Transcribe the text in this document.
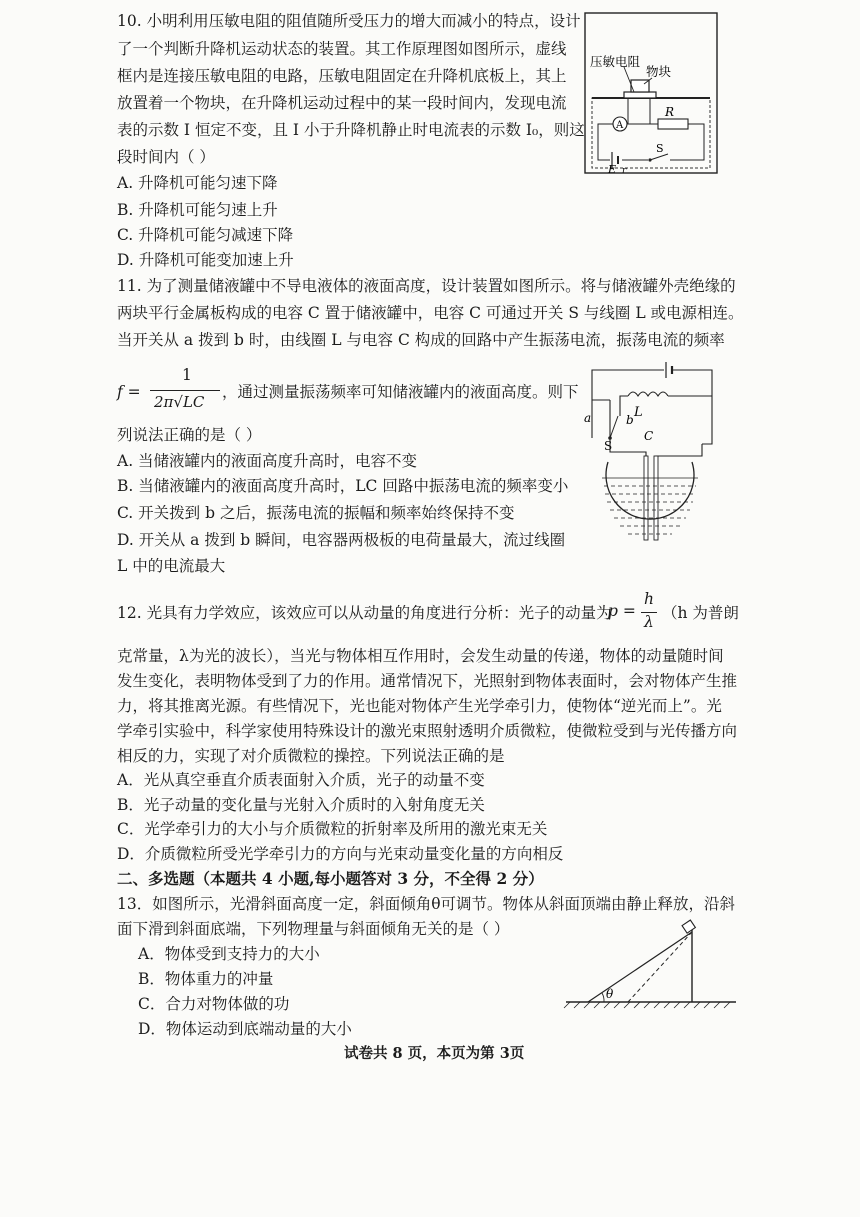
10. 小明利用压敏电阻的阻值随所受压力的增大而减小的特点，设计
了一个判断升降机运动状态的装置。其工作原理图如图所示，虚线
框内是连接压敏电阻的电路，压敏电阻固定在升降机底板上，其上
放置着一个物块，在升降机运动过程中的某一段时间内，发现电流
表的示数 I 恒定不变，且 I 小于升降机静止时电流表的示数 I₀，则这
段时间内（ ）
A. 升降机可能匀速下降
B. 升降机可能匀速上升
C. 升降机可能匀减速下降
D. 升降机可能变加速上升
压敏电阻
物块
A
R
E r
S
11. 为了测量储液罐中不导电液体的液面高度，设计装置如图所示。将与储液罐外壳绝缘的
两块平行金属板构成的电容 C 置于储液罐中，电容 C 可通过开关 S 与线圈 L 或电源相连。
当开关从 a 拨到 b 时，由线圈 L 与电容 C 构成的回路中产生振荡电流，振荡电流的频率
f =
1
2π√LC
，通过测量振荡频率可知储液罐内的液面高度。则下
列说法正确的是（ ）
A. 当储液罐内的液面高度升高时，电容不变
B. 当储液罐内的液面高度升高时，LC 回路中振荡电流的频率变小
C. 开关拨到 b 之后，振荡电流的振幅和频率始终保持不变
D. 开关从 a 拨到 b 瞬间，电容器两极板的电荷量最大，流过线圈
L 中的电流最大
L
b
a
S
C
12. 光具有力学效应，该效应可以从动量的角度进行分析：光子的动量为
p =
h
λ （h 为普朗
克常量，λ为光的波长），当光与物体相互作用时，会发生动量的传递，物体的动量随时间
发生变化，表明物体受到了力的作用。通常情况下，光照射到物体表面时，会对物体产生推
力，将其推离光源。有些情况下，光也能对物体产生光学牵引力，使物体“逆光而上”。光
学牵引实验中，科学家使用特殊设计的激光束照射透明介质微粒，使微粒受到与光传播方向
相反的力，实现了对介质微粒的操控。下列说法正确的是
A．光从真空垂直介质表面射入介质，光子的动量不变
B．光子动量的变化量与光射入介质时的入射角度无关
C．光学牵引力的大小与介质微粒的折射率及所用的激光束无关
D．介质微粒所受光学牵引力的方向与光束动量变化量的方向相反
二、多选题（本题共 4 小题,每小题答对 3 分，不全得 2 分）
13．如图所示，光滑斜面高度一定，斜面倾角θ可调节。物体从斜面顶端由静止释放，沿斜
面下滑到斜面底端，下列物理量与斜面倾角无关的是（ ）
A．物体受到支持力的大小
B．物体重力的冲量
C．合力对物体做的功
D．物体运动到底端动量的大小
θ
试卷共 8 页，本页为第 3页
